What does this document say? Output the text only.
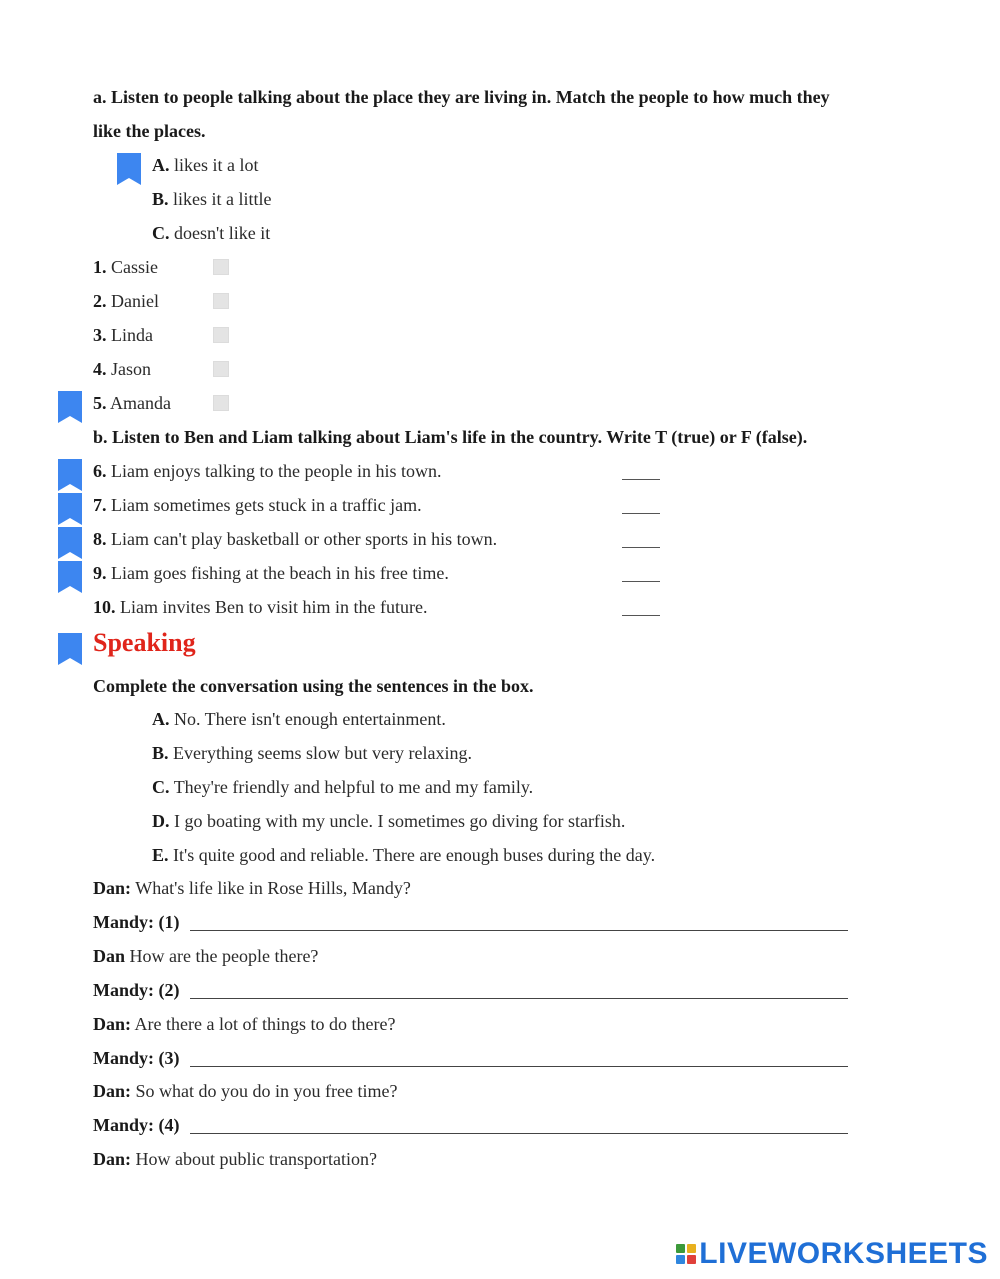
a. Listen to people talking about the place they are living in. Match the people to how much they
like the places.
A. likes it a lot
B. likes it a little
C. doesn't like it
1. Cassie
2. Daniel
3. Linda
4. Jason
5. Amanda
b. Listen to Ben and Liam talking about Liam's life in the country. Write T (true) or F (false).
6. Liam enjoys talking to the people in his town.
7. Liam sometimes gets stuck in a traffic jam.
8. Liam can't play basketball or other sports in his town.
9. Liam goes fishing at the beach in his free time.
10. Liam invites Ben to visit him in the future.
Speaking
Complete the conversation using the sentences in the box.
A. No. There isn't enough entertainment.
B. Everything seems slow but very relaxing.
C. They're friendly and helpful to me and my family.
D. I go boating with my uncle. I sometimes go diving for starfish.
E. It's quite good and reliable. There are enough buses during the day.
Dan: What's life like in Rose Hills, Mandy?
Mandy: (1)
Dan How are the people there?
Mandy: (2)
Dan: Are there a lot of things to do there?
Mandy: (3)
Dan: So what do you do in you free time?
Mandy: (4)
Dan: How about public transportation?
LIVEWORKSHEETS
